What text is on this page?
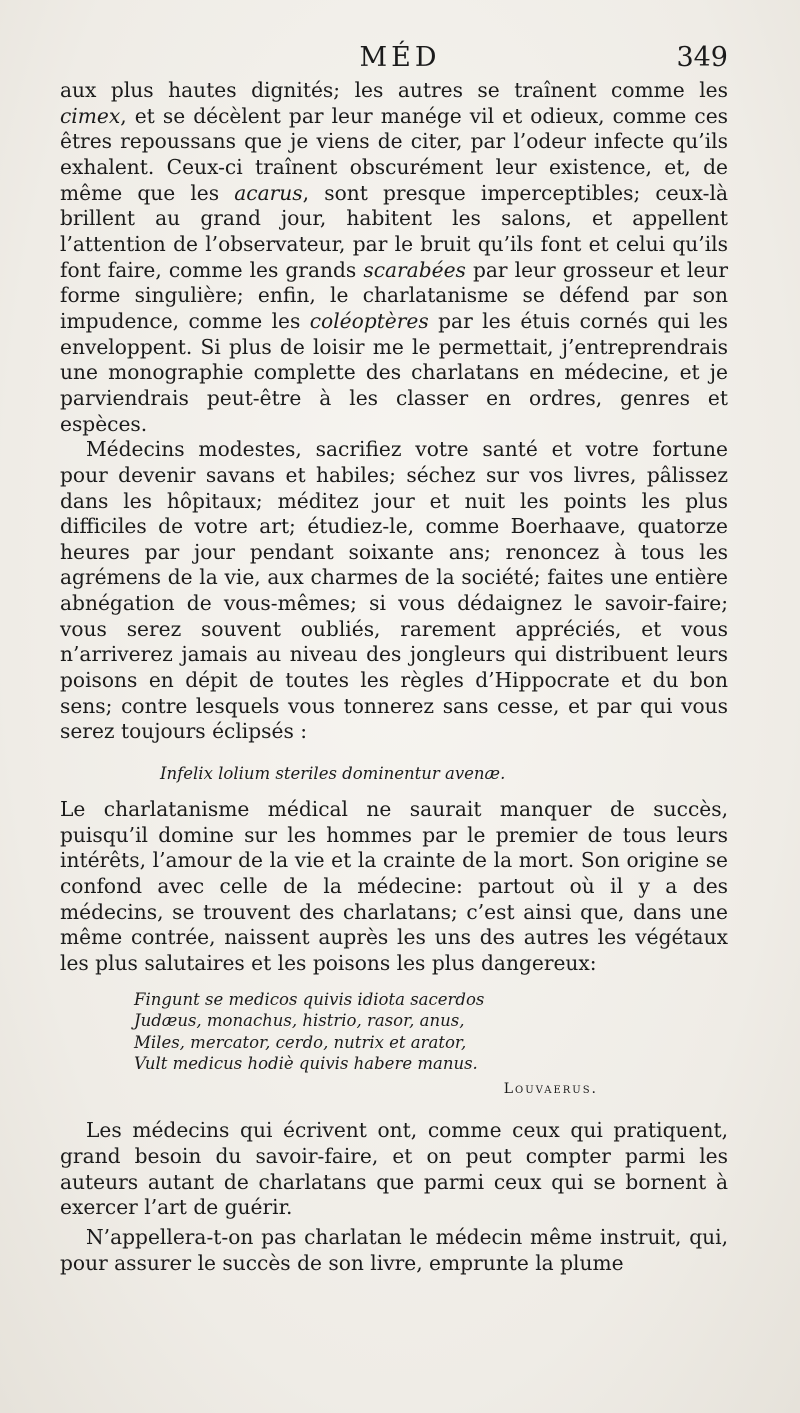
MÉD	349

aux plus hautes dignités; les autres se traînent comme les cimex, et se décèlent par leur manége vil et odieux, comme ces êtres repoussans que je viens de citer, par l’odeur infecte qu’ils exhalent. Ceux-ci traînent obscurément leur existence, et, de même que les acarus, sont presque imperceptibles; ceux-là brillent au grand jour, habitent les salons, et appellent l’attention de l’observateur, par le bruit qu’ils font et celui qu’ils font faire, comme les grands scarabées par leur grosseur et leur forme singulière; enfin, le charlatanisme se défend par son impudence, comme les coléoptères par les étuis cornés qui les enveloppent. Si plus de loisir me le permettait, j’entreprendrais une monographie complette des charlatans en médecine, et je parviendrais peut-être à les classer en ordres, genres et espèces.

Médecins modestes, sacrifiez votre santé et votre fortune pour devenir savans et habiles; séchez sur vos livres, pâlissez dans les hôpitaux; méditez jour et nuit les points les plus difficiles de votre art; étudiez-le, comme Boerhaave, quatorze heures par jour pendant soixante ans; renoncez à tous les agrémens de la vie, aux charmes de la société; faites une entière abnégation de vous-mêmes; si vous dédaignez le savoir-faire; vous serez souvent oubliés, rarement appréciés, et vous n’arriverez jamais au niveau des jongleurs qui distribuent leurs poisons en dépit de toutes les règles d’Hippocrate et du bon sens; contre lesquels vous tonnerez sans cesse, et par qui vous serez toujours éclipsés :

Infelix lolium steriles dominentur avenæ.

Le charlatanisme médical ne saurait manquer de succès, puisqu’il domine sur les hommes par le premier de tous leurs intérêts, l’amour de la vie et la crainte de la mort. Son origine se confond avec celle de la médecine: partout où il y a des médecins, se trouvent des charlatans; c’est ainsi que, dans une même contrée, naissent auprès les uns des autres les végétaux les plus salutaires et les poisons les plus dangereux:

Fingunt se medicos quivis idiota sacerdos
Judæus, monachus, histrio, rasor, anus,
Miles, mercator, cerdo, nutrix et arator,
Vult medicus hodiè quivis habere manus.
Louvaerus.

Les médecins qui écrivent ont, comme ceux qui pratiquent, grand besoin du savoir-faire, et on peut compter parmi les auteurs autant de charlatans que parmi ceux qui se bornent à exercer l’art de guérir.

N’appellera-t-on pas charlatan le médecin même instruit, qui, pour assurer le succès de son livre, emprunte la plume
